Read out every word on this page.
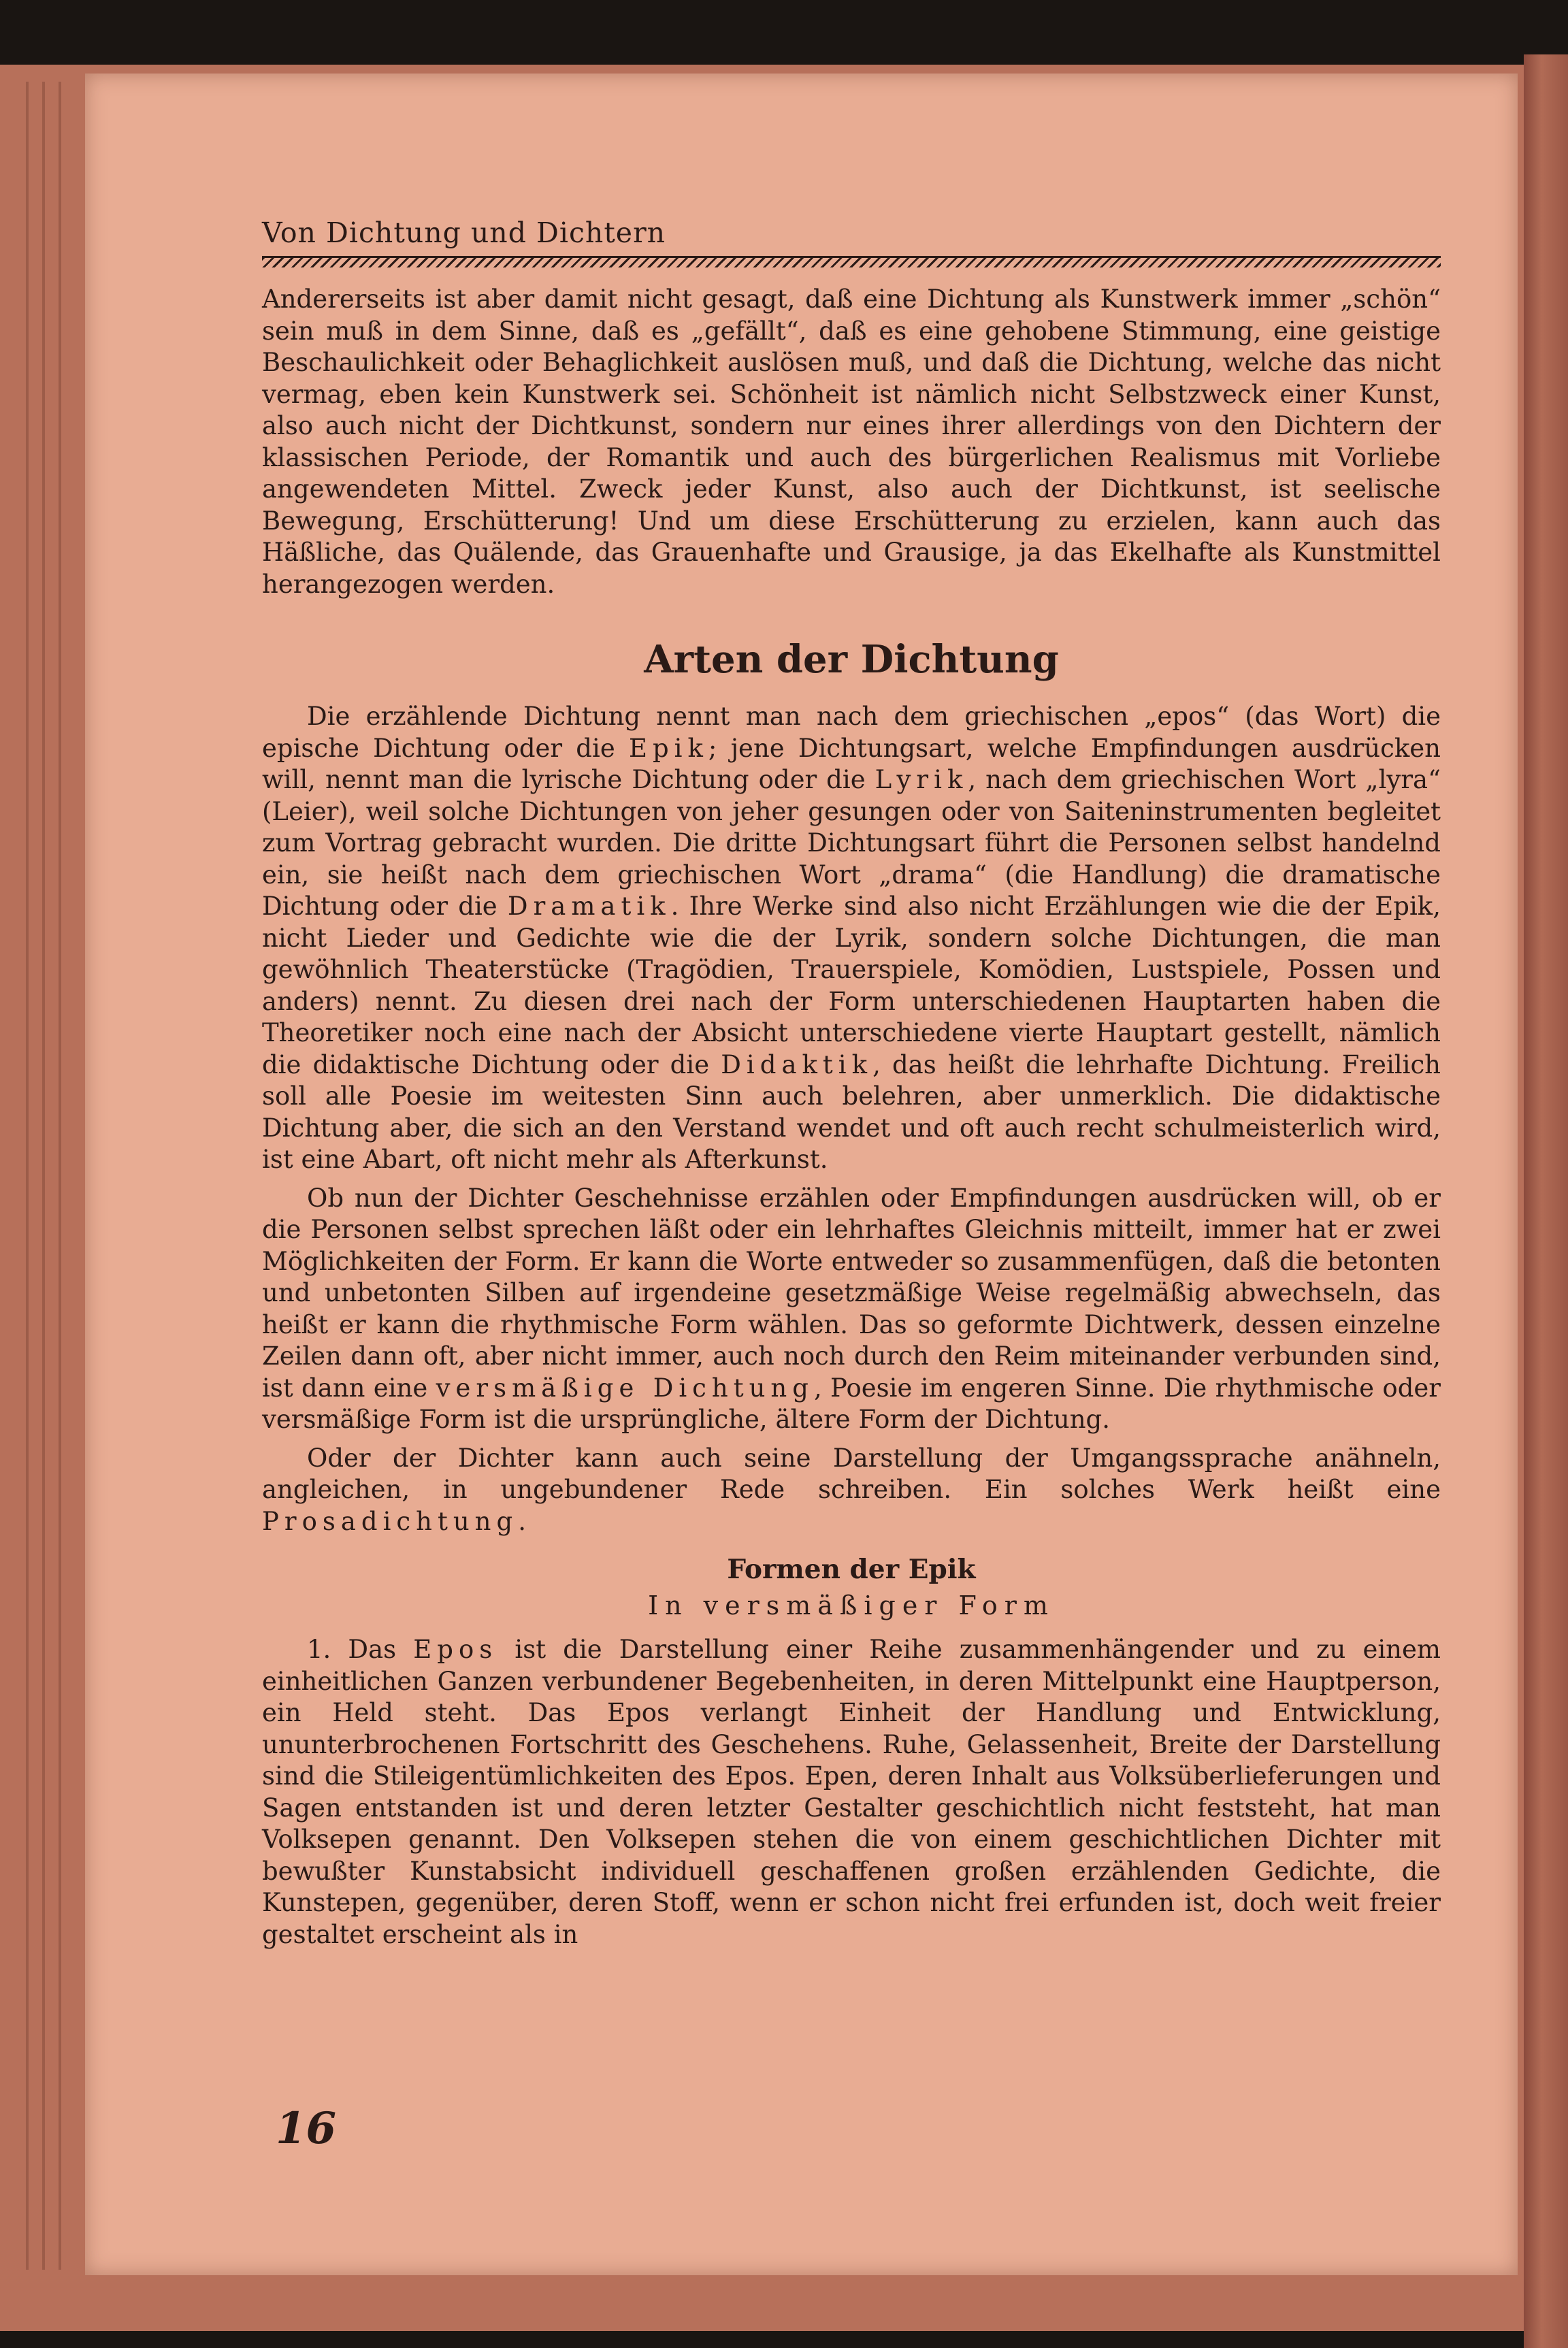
Von Dichtung und Dichtern

Andererseits ist aber damit nicht gesagt, daß eine Dichtung als Kunstwerk immer „schön“ sein muß in dem Sinne, daß es „gefällt“, daß es eine gehobene Stimmung, eine geistige Beschaulichkeit oder Behaglichkeit auslösen muß, und daß die Dichtung, welche das nicht vermag, eben kein Kunstwerk sei. Schönheit ist nämlich nicht Selbstzweck einer Kunst, also auch nicht der Dichtkunst, sondern nur eines ihrer allerdings von den Dichtern der klassischen Periode, der Romantik und auch des bürgerlichen Realismus mit Vorliebe angewendeten Mittel. Zweck jeder Kunst, also auch der Dichtkunst, ist seelische Bewegung, Erschütterung! Und um diese Erschütterung zu erzielen, kann auch das Häßliche, das Quälende, das Grauenhafte und Grausige, ja das Ekelhafte als Kunstmittel herangezogen werden.

Arten der Dichtung

Die erzählende Dichtung nennt man nach dem griechischen „epos“ (das Wort) die epische Dichtung oder die Epik; jene Dichtungsart, welche Empfindungen ausdrücken will, nennt man die lyrische Dichtung oder die Lyrik, nach dem griechischen Wort „lyra“ (Leier), weil solche Dichtungen von jeher gesungen oder von Saiteninstrumenten begleitet zum Vortrag gebracht wurden. Die dritte Dichtungsart führt die Personen selbst handelnd ein, sie heißt nach dem griechischen Wort „drama“ (die Handlung) die dramatische Dichtung oder die Dramatik. Ihre Werke sind also nicht Erzählungen wie die der Epik, nicht Lieder und Gedichte wie die der Lyrik, sondern solche Dichtungen, die man gewöhnlich Theaterstücke (Tragödien, Trauerspiele, Komödien, Lustspiele, Possen und anders) nennt. Zu diesen drei nach der Form unterschiedenen Hauptarten haben die Theoretiker noch eine nach der Absicht unterschiedene vierte Hauptart gestellt, nämlich die didaktische Dichtung oder die Didaktik, das heißt die lehrhafte Dichtung. Freilich soll alle Poesie im weitesten Sinn auch belehren, aber unmerklich. Die didaktische Dichtung aber, die sich an den Verstand wendet und oft auch recht schulmeisterlich wird, ist eine Abart, oft nicht mehr als Afterkunst.

Ob nun der Dichter Geschehnisse erzählen oder Empfindungen ausdrücken will, ob er die Personen selbst sprechen läßt oder ein lehrhaftes Gleichnis mitteilt, immer hat er zwei Möglichkeiten der Form. Er kann die Worte entweder so zusammenfügen, daß die betonten und unbetonten Silben auf irgendeine gesetzmäßige Weise regelmäßig abwechseln, das heißt er kann die rhythmische Form wählen. Das so geformte Dichtwerk, dessen einzelne Zeilen dann oft, aber nicht immer, auch noch durch den Reim miteinander verbunden sind, ist dann eine versmäßige Dichtung, Poesie im engeren Sinne. Die rhythmische oder versmäßige Form ist die ursprüngliche, ältere Form der Dichtung.

Oder der Dichter kann auch seine Darstellung der Umgangssprache anähneln, angleichen, in ungebundener Rede schreiben. Ein solches Werk heißt eine Prosadichtung.

Formen der Epik
In versmäßiger Form

1. Das Epos ist die Darstellung einer Reihe zusammenhängender und zu einem einheitlichen Ganzen verbundener Begebenheiten, in deren Mittelpunkt eine Hauptperson, ein Held steht. Das Epos verlangt Einheit der Handlung und Entwicklung, ununterbrochenen Fortschritt des Geschehens. Ruhe, Gelassenheit, Breite der Darstellung sind die Stileigentümlichkeiten des Epos. Epen, deren Inhalt aus Volksüberlieferungen und Sagen entstanden ist und deren letzter Gestalter geschichtlich nicht feststeht, hat man Volksepen genannt. Den Volksepen stehen die von einem geschichtlichen Dichter mit bewußter Kunstabsicht individuell geschaffenen großen erzählenden Gedichte, die Kunstepen, gegenüber, deren Stoff, wenn er schon nicht frei erfunden ist, doch weit freier gestaltet erscheint als in

16
